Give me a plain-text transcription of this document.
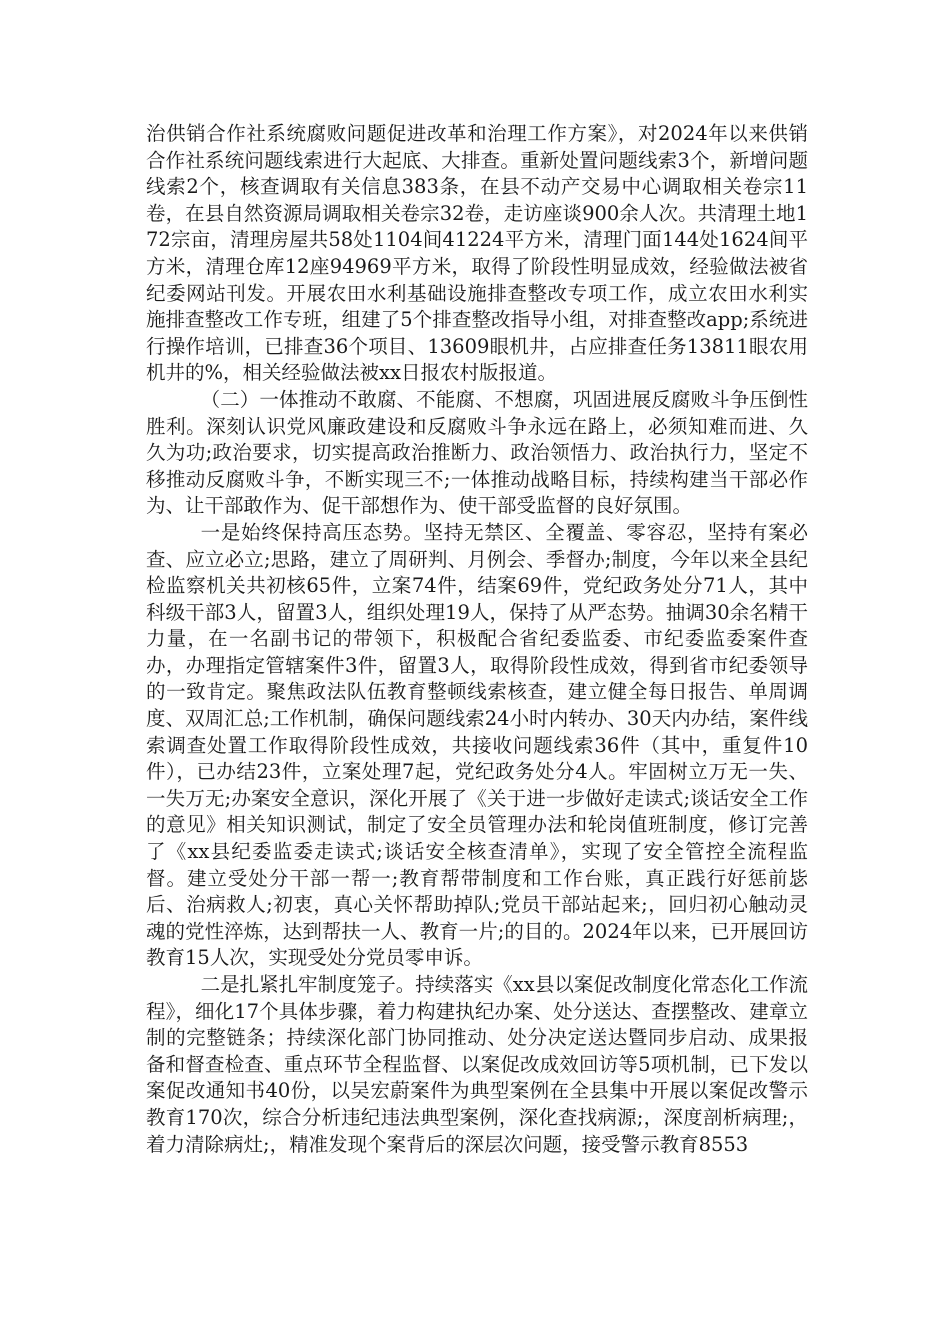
治供销合作社系统腐败问题促进改革和治理工作方案》，对2024年以来供销合作社系统问题线索进行大起底、大排查。重新处置问题线索3个，新增问题线索2个，核查调取有关信息383条，在县不动产交易中心调取相关卷宗11卷，在县自然资源局调取相关卷宗32卷，走访座谈900余人次。共清理土地172宗亩，清理房屋共58处1104间41224平方米，清理门面144处1624间平方米，清理仓库12座94969平方米，取得了阶段性明显成效，经验做法被省纪委网站刊发。开展农田水利基础设施排查整改专项工作，成立农田水利实施排查整改工作专班，组建了5个排查整改指导小组，对排查整改app;系统进行操作培训，已排查36个项目、13609眼机井，占应排查任务13811眼农用机井的%，相关经验做法被xx日报农村版报道。

（二）一体推动不敢腐、不能腐、不想腐，巩固进展反腐败斗争压倒性胜利。深刻认识党风廉政建设和反腐败斗争永远在路上，必须知难而进、久久为功;政治要求，切实提高政治推断力、政治领悟力、政治执行力，坚定不移推动反腐败斗争，不断实现三不;一体推动战略目标，持续构建当干部必作为、让干部敢作为、促干部想作为、使干部受监督的良好氛围。

一是始终保持高压态势。坚持无禁区、全覆盖、零容忍，坚持有案必查、应立必立;思路，建立了周研判、月例会、季督办;制度，今年以来全县纪检监察机关共初核65件，立案74件，结案69件，党纪政务处分71人，其中科级干部3人，留置3人，组织处理19人，保持了从严态势。抽调30余名精干力量，在一名副书记的带领下，积极配合省纪委监委、市纪委监委案件查办，办理指定管辖案件3件，留置3人，取得阶段性成效，得到省市纪委领导的一致肯定。聚焦政法队伍教育整顿线索核查，建立健全每日报告、单周调度、双周汇总;工作机制，确保问题线索24小时内转办、30天内办结，案件线索调查处置工作取得阶段性成效，共接收问题线索36件（其中，重复件10件），已办结23件，立案处理7起，党纪政务处分4人。牢固树立万无一失、一失万无;办案安全意识，深化开展了《关于进一步做好走读式;谈话安全工作的意见》相关知识测试，制定了安全员管理办法和轮岗值班制度，修订完善了《xx县纪委监委走读式;谈话安全核查清单》，实现了安全管控全流程监督。建立受处分干部一帮一;教育帮带制度和工作台账，真正践行好惩前毖后、治病救人;初衷，真心关怀帮助掉队;党员干部站起来;，回归初心触动灵魂的党性淬炼，达到帮扶一人、教育一片;的目的。2024年以来，已开展回访教育15人次，实现受处分党员零申诉。

二是扎紧扎牢制度笼子。持续落实《xx县以案促改制度化常态化工作流程》，细化17个具体步骤，着力构建执纪办案、处分送达、查摆整改、建章立制的完整链条；持续深化部门协同推动、处分决定送达暨同步启动、成果报备和督查检查、重点环节全程监督、以案促改成效回访等5项机制，已下发以案促改通知书40份，以吴宏蔚案件为典型案例在全县集中开展以案促改警示教育170次，综合分析违纪违法典型案例，深化查找病源;，深度剖析病理;，着力清除病灶;，精准发现个案背后的深层次问题，接受警示教育8553
